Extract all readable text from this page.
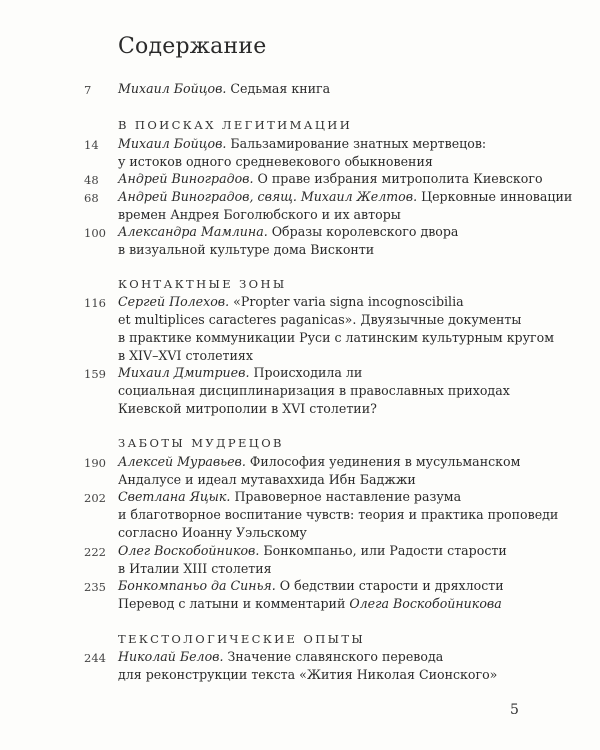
Содержание
7	Михаил Бойцов. Седьмая книга
В ПОИСКАХ ЛЕГИТИМАЦИИ
14	Михаил Бойцов. Бальзамирование знатных мертвецов:
у истоков одного средневекового обыкновения
48	Андрей Виноградов. О праве избрания митрополита Киевского
68	Андрей Виноградов, свящ. Михаил Желтов. Церковные инновации
времен Андрея Боголюбского и их авторы
100 Александра Мамлина. Образы королевского двора
в визуальной культуре дома Висконти
КОНТАКТНЫЕ ЗОНЫ
116 Сергей Полехов. «Propter varia signa incognoscibilia
et multiplices caracteres paganicas». Двуязычные документы
в практике коммуникации Руси с латинским культурным кругом
в XIV–XVI столетиях
159 Михаил Дмитриев. Происходила ли
социальная дисциплинаризация в православных приходах
Киевской митрополии в XVI столетии?
ЗАБОТЫ МУДРЕЦОВ
190 Алексей Муравьев. Философия уединения в мусульманском
Андалусе и идеал мутаваххида Ибн Баджжи
202 Светлана Яцык. Правоверное наставление разума
и благотворное воспитание чувств: теория и практика проповеди
согласно Иоанну Уэльскому
222 Олег Воскобойников. Бонкомпаньо, или Радости старости
в Италии XIII столетия
235 Бонкомпаньо да Синья. О бедствии старости и дряхлости
Перевод с латыни и комментарий Олега Воскобойникова
ТЕКСТОЛОГИЧЕСКИЕ ОПЫТЫ
244 Николай Белов. Значение славянского перевода
для реконструкции текста «Жития Николая Сионского»
5
